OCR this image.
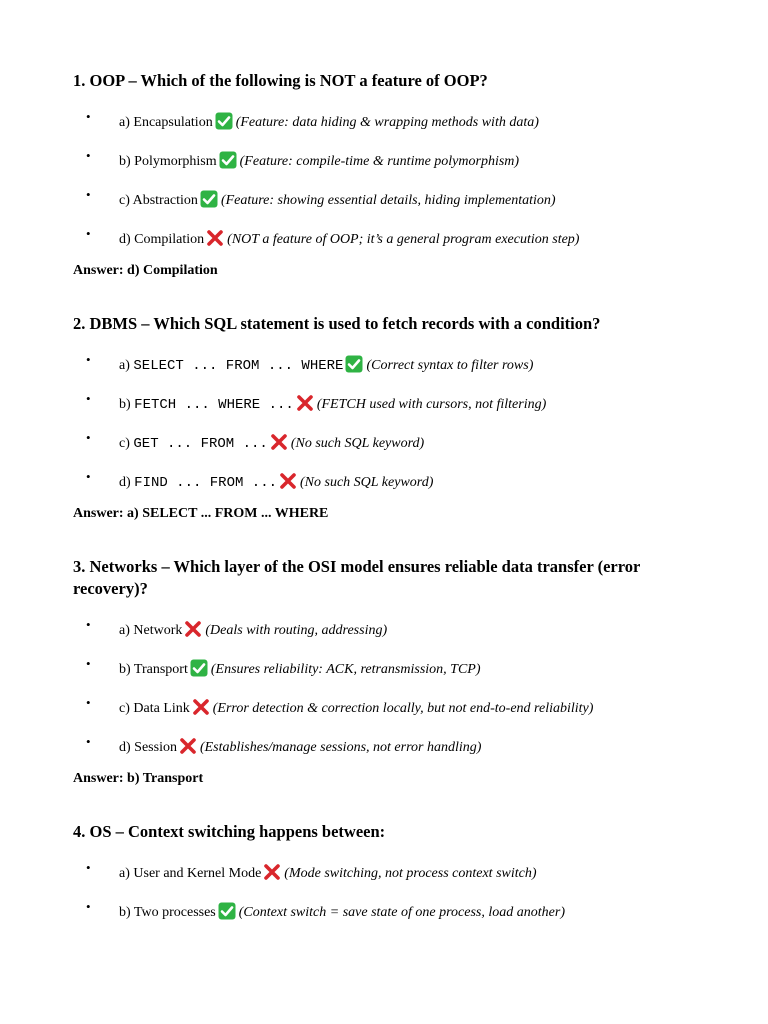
1. OOP – Which of the following is NOT a feature of OOP?

• a) Encapsulation (Feature: data hiding & wrapping methods with data)
• b) Polymorphism (Feature: compile-time & runtime polymorphism)
• c) Abstraction (Feature: showing essential details, hiding implementation)
• d) Compilation (NOT a feature of OOP; it’s a general program execution step)

Answer: d) Compilation

2. DBMS – Which SQL statement is used to fetch records with a condition?

• a) SELECT ... FROM ... WHERE (Correct syntax to filter rows)
• b) FETCH ... WHERE ... (FETCH used with cursors, not filtering)
• c) GET ... FROM ... (No such SQL keyword)
• d) FIND ... FROM ... (No such SQL keyword)

Answer: a) SELECT ... FROM ... WHERE

3. Networks – Which layer of the OSI model ensures reliable data transfer (error recovery)?

• a) Network (Deals with routing, addressing)
• b) Transport (Ensures reliability: ACK, retransmission, TCP)
• c) Data Link (Error detection & correction locally, but not end-to-end reliability)
• d) Session (Establishes/manage sessions, not error handling)

Answer: b) Transport

4. OS – Context switching happens between:

• a) User and Kernel Mode (Mode switching, not process context switch)
• b) Two processes (Context switch = save state of one process, load another)
